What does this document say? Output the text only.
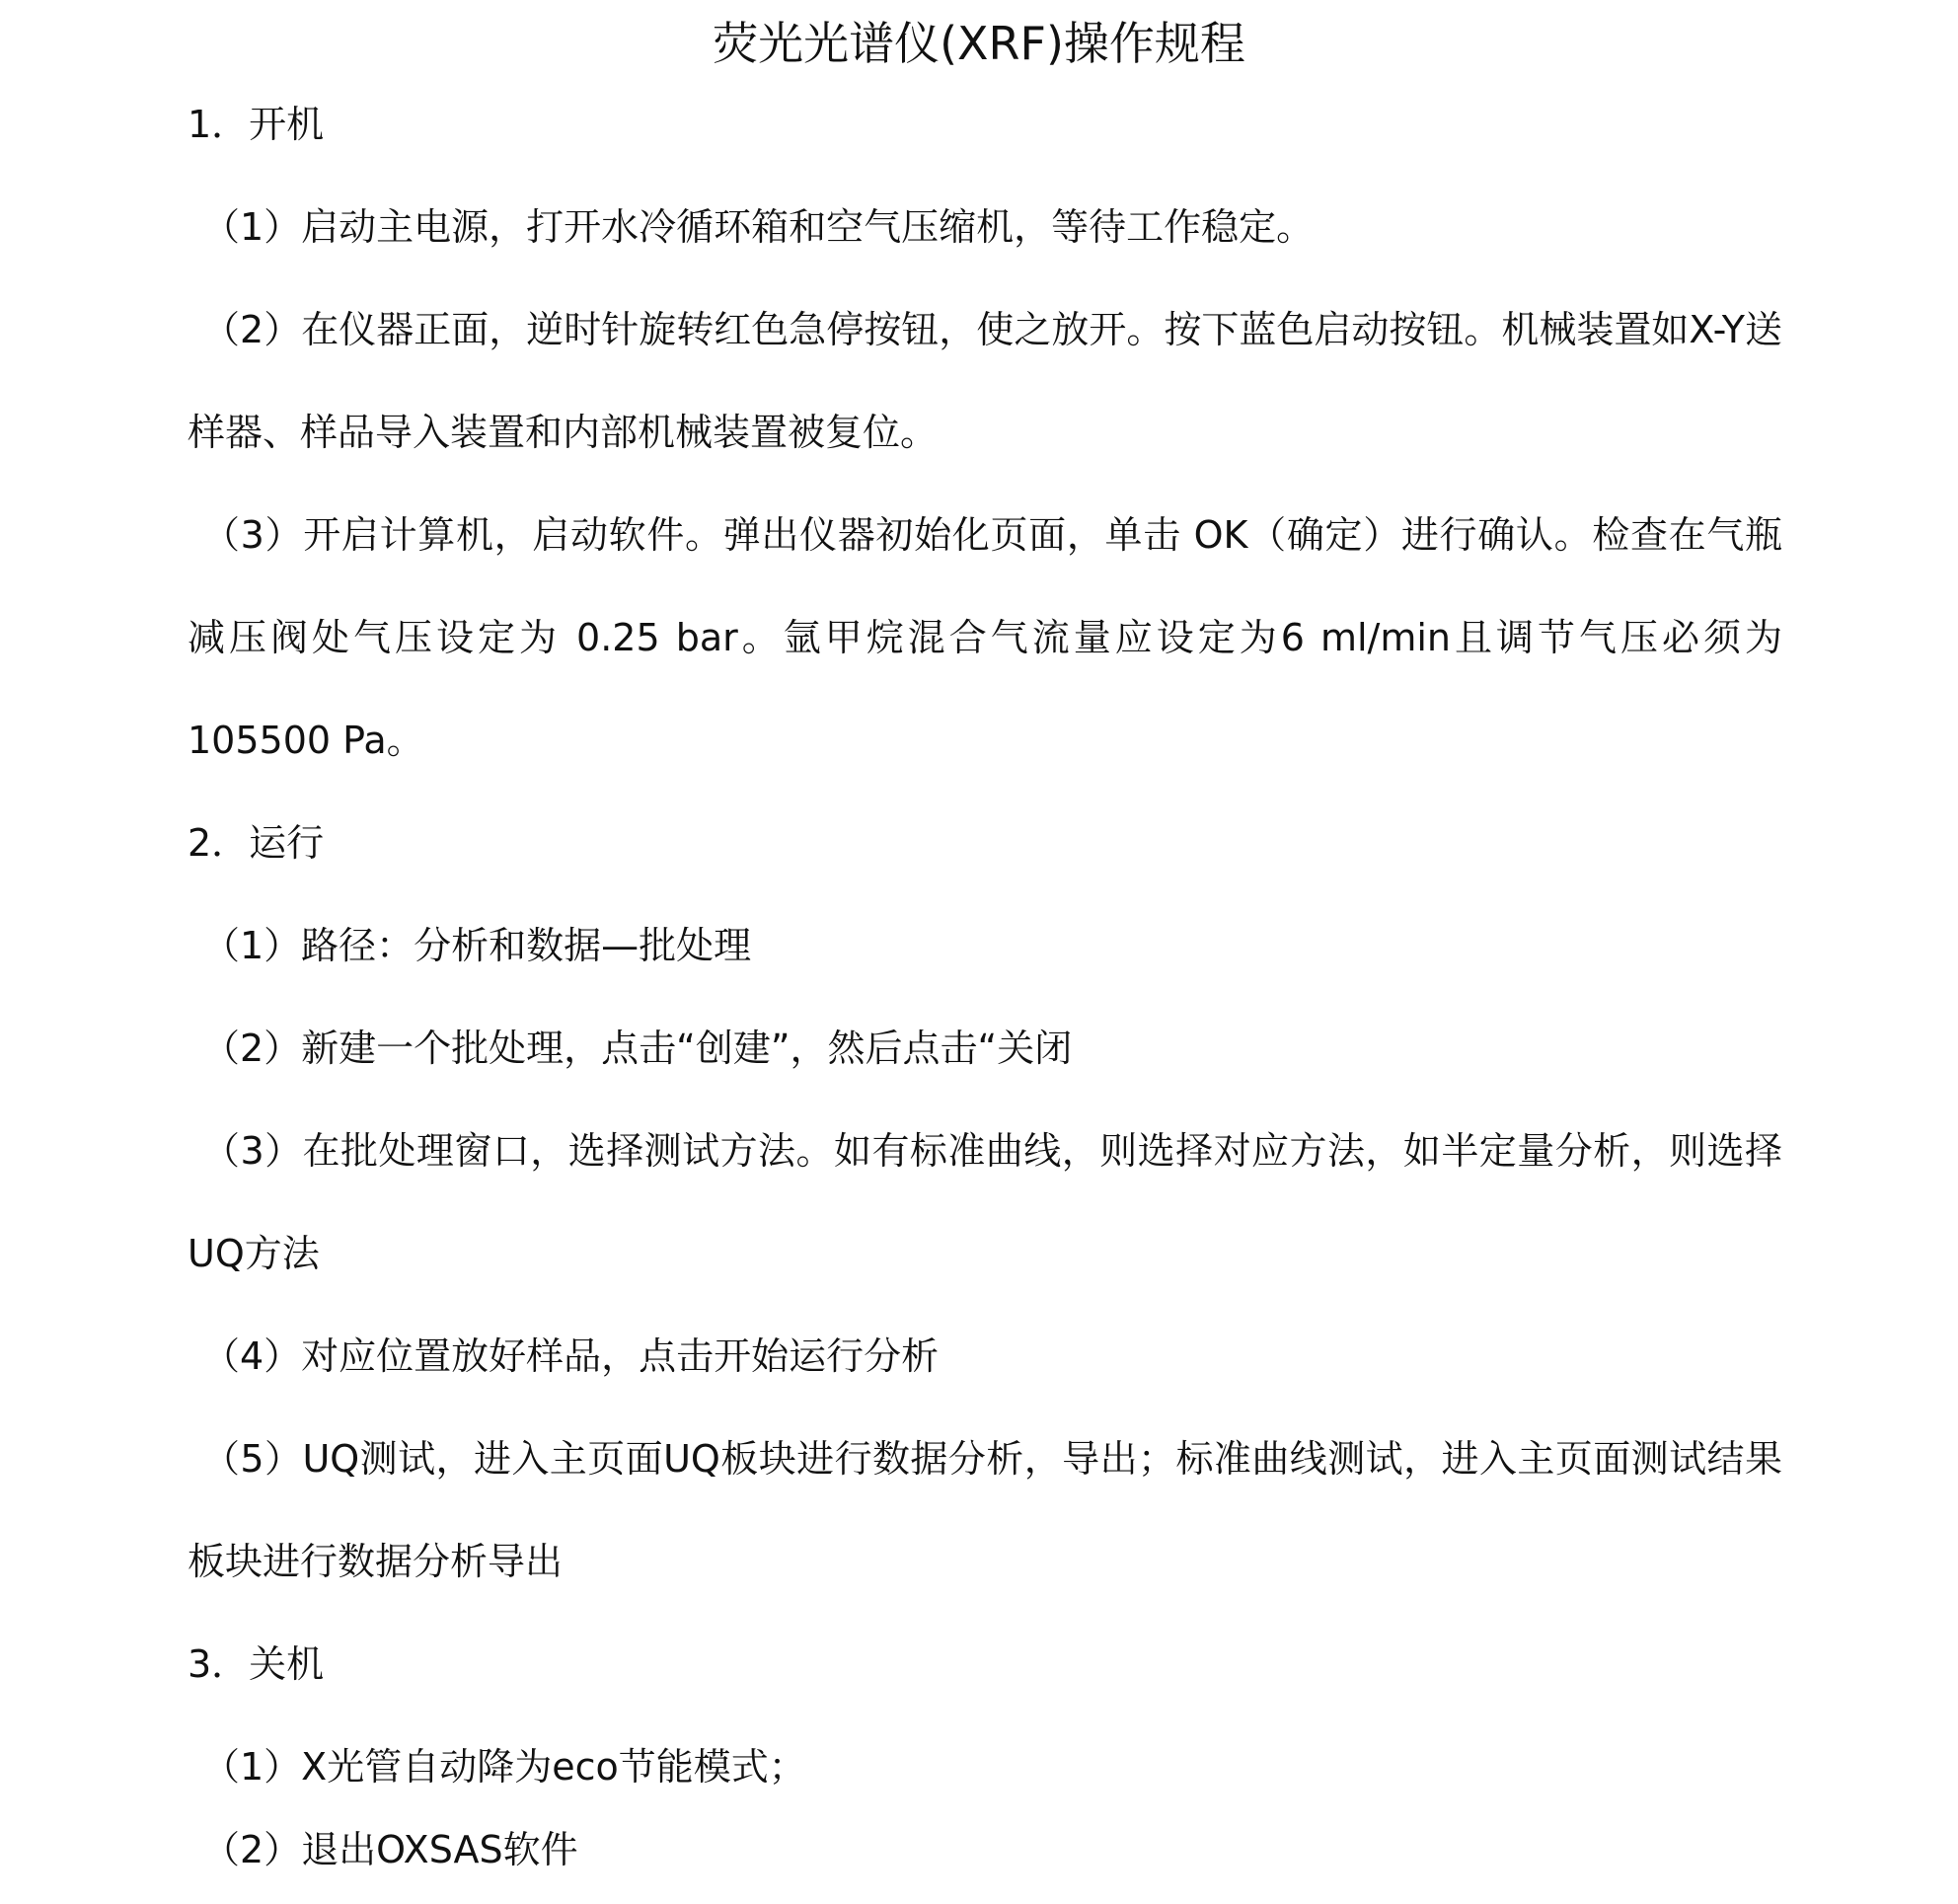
荧光光谱仪(XRF)操作规程
1．开机
（1）启动主电源，打开水冷循环箱和空气压缩机，等待工作稳定。
（2）在仪器正面，逆时针旋转红色急停按钮，使之放开。按下蓝色启动按钮。机械装置如X-Y送样器、样品导入装置和内部机械装置被复位。
（3）开启计算机，启动软件。弹出仪器初始化页面，单击 OK（确定）进行确认。检查在气瓶减压阀处气压设定为 0.25 bar。氩甲烷混合气流量应设定为6 ml/min且调节气压必须为105500 Pa。
2．运行
（1）路径：分析和数据—批处理
（2）新建一个批处理，点击“创建”，然后点击“关闭
（3）在批处理窗口，选择测试方法。如有标准曲线，则选择对应方法，如半定量分析，则选择UQ方法
（4）对应位置放好样品，点击开始运行分析
（5）UQ测试，进入主页面UQ板块进行数据分析，导出；标准曲线测试，进入主页面测试结果板块进行数据分析导出
3．关机
（1）X光管自动降为eco节能模式；
（2）退出OXSAS软件
